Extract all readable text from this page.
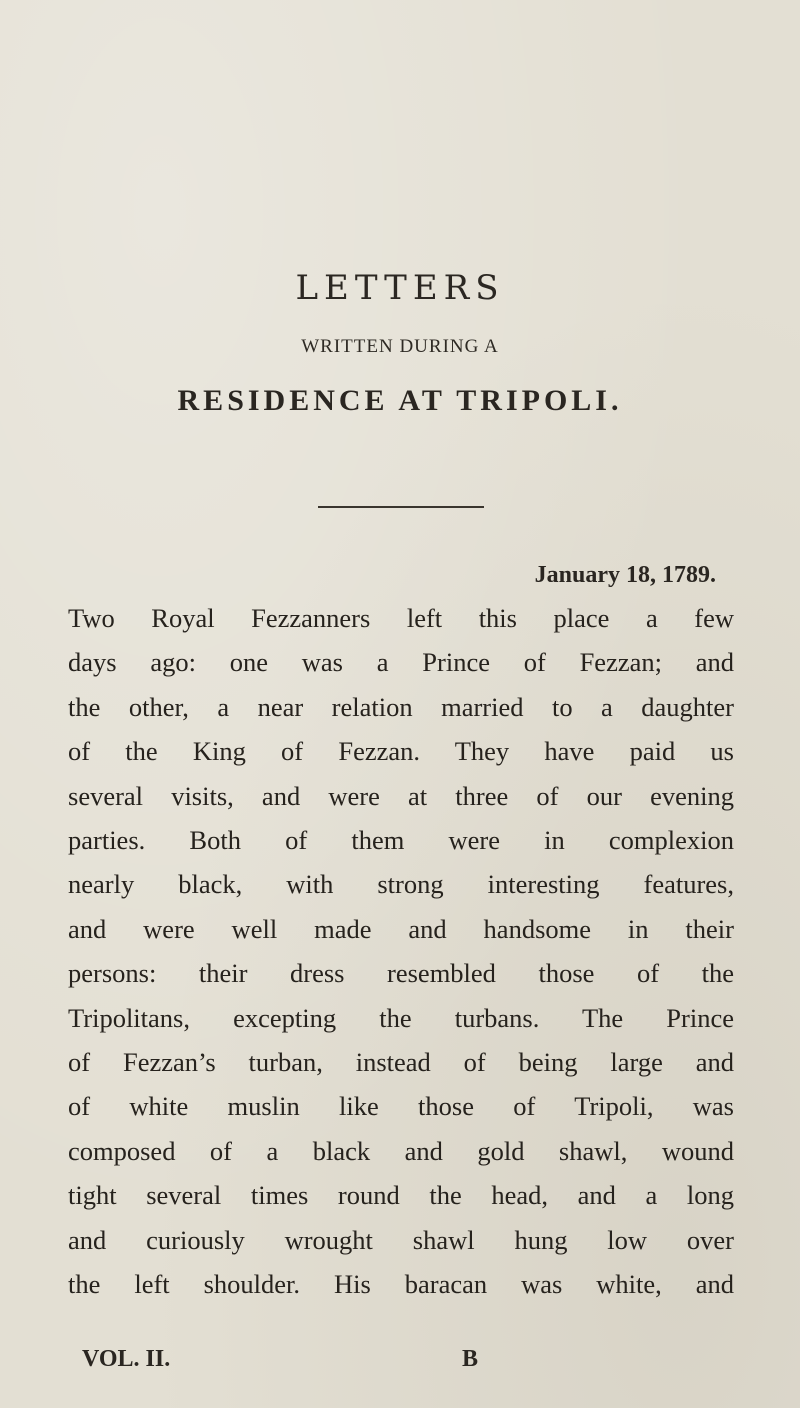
LETTERS
WRITTEN DURING A
RESIDENCE AT TRIPOLI.
January 18, 1789.
Two Royal Fezzanners left this place a few
days ago: one was a Prince of Fezzan; and
the other, a near relation married to a daughter
of the King of Fezzan. They have paid us
several visits, and were at three of our evening
parties. Both of them were in complexion
nearly black, with strong interesting features,
and were well made and handsome in their
persons: their dress resembled those of the
Tripolitans, excepting the turbans. The Prince
of Fezzan’s turban, instead of being large and
of white muslin like those of Tripoli, was
composed of a black and gold shawl, wound
tight several times round the head, and a long
and curiously wrought shawl hung low over
the left shoulder. His baracan was white, and
VOL. II.	B
